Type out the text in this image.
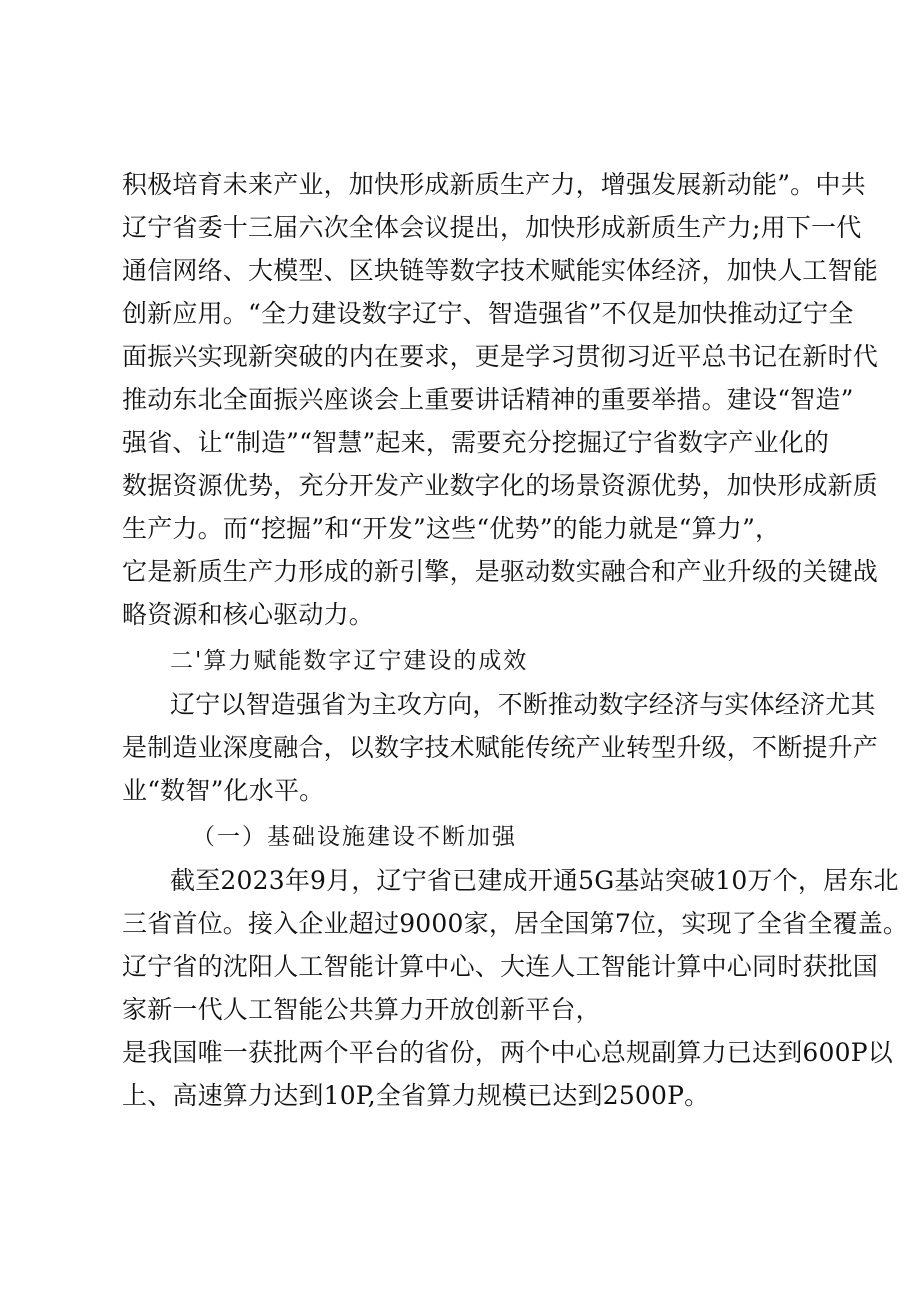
积极培育未来产业，加快形成新质生产力，增强发展新动能”。中共
辽宁省委十三届六次全体会议提出，加快形成新质生产力;用下一代
通信网络、大模型、区块链等数字技术赋能实体经济，加快人工智能
创新应用。“全力建设数字辽宁、智造强省”不仅是加快推动辽宁全
面振兴实现新突破的内在要求，更是学习贯彻习近平总书记在新时代
推动东北全面振兴座谈会上重要讲话精神的重要举措。建设“智造”
强省、让“制造”“智慧”起来，需要充分挖掘辽宁省数字产业化的
数据资源优势，充分开发产业数字化的场景资源优势，加快形成新质
生产力。而“挖掘”和“开发”这些“优势”的能力就是“算力”，
它是新质生产力形成的新引擎，是驱动数实融合和产业升级的关键战
略资源和核心驱动力。
二'算力赋能数字辽宁建设的成效
辽宁以智造强省为主攻方向，不断推动数字经济与实体经济尤其
是制造业深度融合，以数字技术赋能传统产业转型升级，不断提升产
业“数智”化水平。
（一）基础设施建设不断加强
截至2023年9月，辽宁省已建成开通5G基站突破10万个，居东北
三省首位。接入企业超过9000家，居全国第7位，实现了全省全覆盖。
辽宁省的沈阳人工智能计算中心、大连人工智能计算中心同时获批国
家新一代人工智能公共算力开放创新平台，
是我国唯一获批两个平台的省份，两个中心总规副算力已达到600P以
上、高速算力达到10P,全省算力规模已达到2500P。
